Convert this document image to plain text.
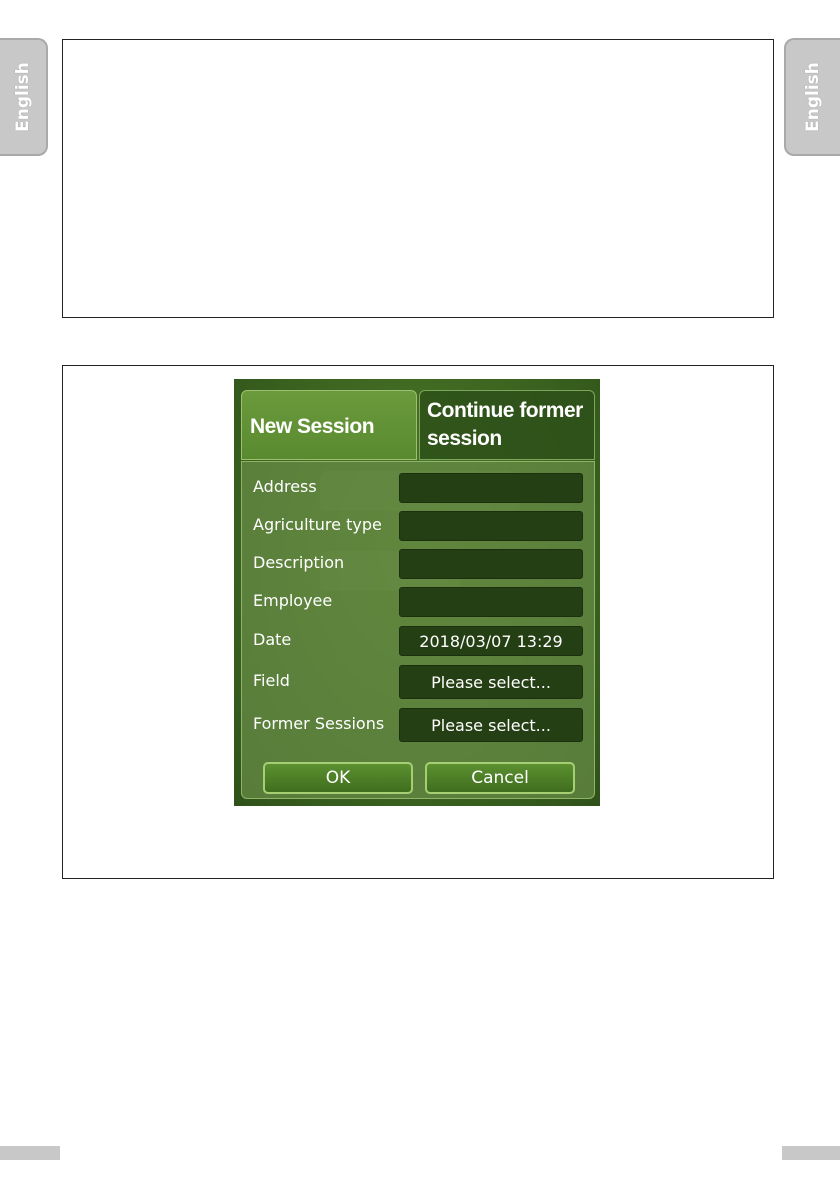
English	English
New Session
Continue former session
Address
Agriculture type
Description
Employee
Date	2018/03/07 13:29
Field	Please select...
Former Sessions	Please select...
OK	Cancel
